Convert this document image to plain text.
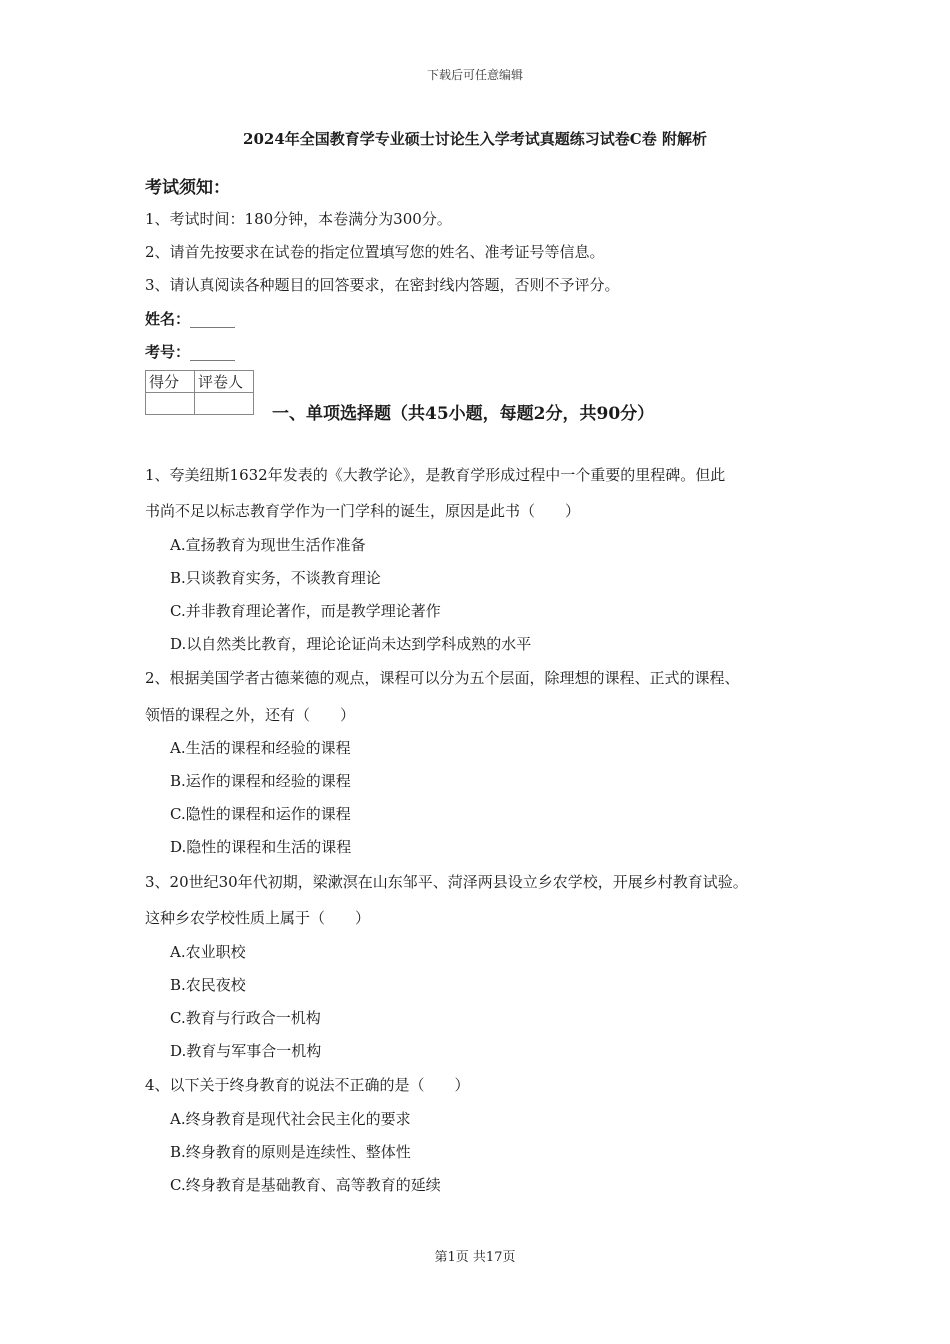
下载后可任意编辑
2024年全国教育学专业硕士讨论生入学考试真题练习试卷C卷 附解析
考试须知：
1、考试时间：180分钟，本卷满分为300分。
2、请首先按要求在试卷的指定位置填写您的姓名、准考证号等信息。
3、请认真阅读各种题目的回答要求，在密封线内答题，否则不予评分。
姓名：______
考号：______
得分	评卷人

一、单项选择题（共45小题，每题2分，共90分）
1、夸美纽斯1632年发表的《大教学论》，是教育学形成过程中一个重要的里程碑。但此
书尚不足以标志教育学作为一门学科的诞生，原因是此书（　　）
A.宣扬教育为现世生活作准备
B.只谈教育实务，不谈教育理论
C.并非教育理论著作，而是教学理论著作
D.以自然类比教育，理论论证尚未达到学科成熟的水平
2、根据美国学者古德莱德的观点，课程可以分为五个层面，除理想的课程、正式的课程、
领悟的课程之外，还有（　　）
A.生活的课程和经验的课程
B.运作的课程和经验的课程
C.隐性的课程和运作的课程
D.隐性的课程和生活的课程
3、20世纪30年代初期，梁漱溟在山东邹平、菏泽两县设立乡农学校，开展乡村教育试验。
这种乡农学校性质上属于（　　）
A.农业职校
B.农民夜校
C.教育与行政合一机构
D.教育与军事合一机构
4、以下关于终身教育的说法不正确的是（　　）
A.终身教育是现代社会民主化的要求
B.终身教育的原则是连续性、整体性
C.终身教育是基础教育、高等教育的延续
第1页 共17页
